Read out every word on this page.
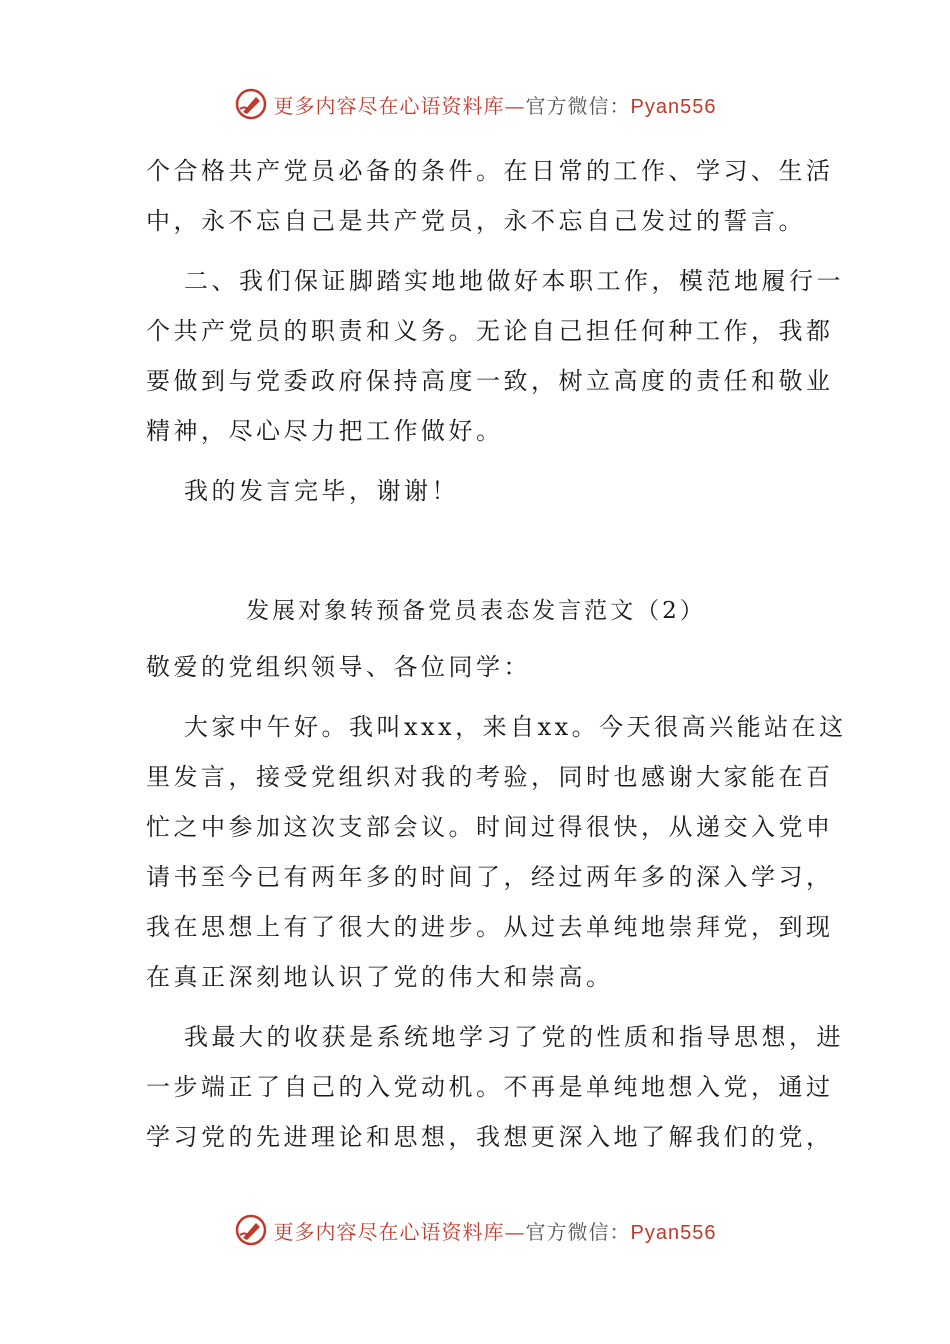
更多内容尽在心语资料库—官方微信：Pyan556
个合格共产党员必备的条件。在日常的工作、学习、生活
中，永不忘自己是共产党员，永不忘自己发过的誓言。
二、我们保证脚踏实地地做好本职工作，模范地履行一
个共产党员的职责和义务。无论自己担任何种工作，我都
要做到与党委政府保持高度一致，树立高度的责任和敬业
精神，尽心尽力把工作做好。
我的发言完毕，谢谢！
发展对象转预备党员表态发言范文（2）
敬爱的党组织领导、各位同学：
大家中午好。我叫xxx，来自xx。今天很高兴能站在这
里发言，接受党组织对我的考验，同时也感谢大家能在百
忙之中参加这次支部会议。时间过得很快，从递交入党申
请书至今已有两年多的时间了，经过两年多的深入学习，
我在思想上有了很大的进步。从过去单纯地崇拜党，到现
在真正深刻地认识了党的伟大和崇高。
我最大的收获是系统地学习了党的性质和指导思想，进
一步端正了自己的入党动机。不再是单纯地想入党，通过
学习党的先进理论和思想，我想更深入地了解我们的党，
更多内容尽在心语资料库—官方微信：Pyan556
